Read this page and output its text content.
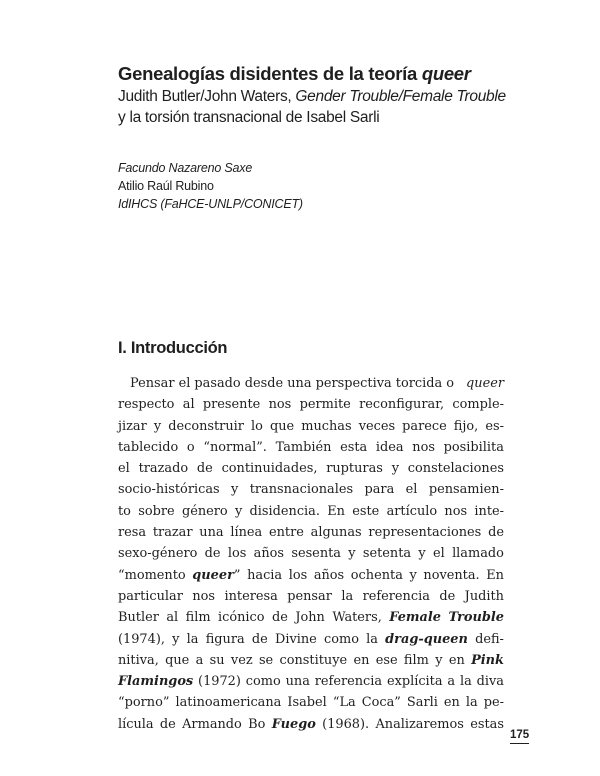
Genealogías disidentes de la teoría queer

Judith Butler/John Waters, Gender Trouble/Female Trouble

y la torsión transnacional de Isabel Sarli

Facundo Nazareno Saxe
Atilio Raúl Rubino
IdIHCS (FaHCE-UNLP/CONICET)
I. Introducción
Pensar el pasado desde una perspectiva torcida o queer
respecto al presente nos permite reconfigurar, comple-
jizar y deconstruir lo que muchas veces parece fijo, es-
tablecido o “normal”. También esta idea nos posibilita
el trazado de continuidades, rupturas y constelaciones
socio-históricas y transnacionales para el pensamien-
to sobre género y disidencia. En este artículo nos inte-
resa trazar una línea entre algunas representaciones de
sexo-género de los años sesenta y setenta y el llamado
“momento queer” hacia los años ochenta y noventa. En
particular nos interesa pensar la referencia de Judith
Butler al film icónico de John Waters, Female Trouble
(1974), y la figura de Divine como la drag-queen defi-
nitiva, que a su vez se constituye en ese film y en Pink
Flamingos (1972) como una referencia explícita a la diva
“porno” latinoamericana Isabel “La Coca” Sarli en la pe-
lícula de Armando Bo Fuego (1968). Analizaremos estas
175
